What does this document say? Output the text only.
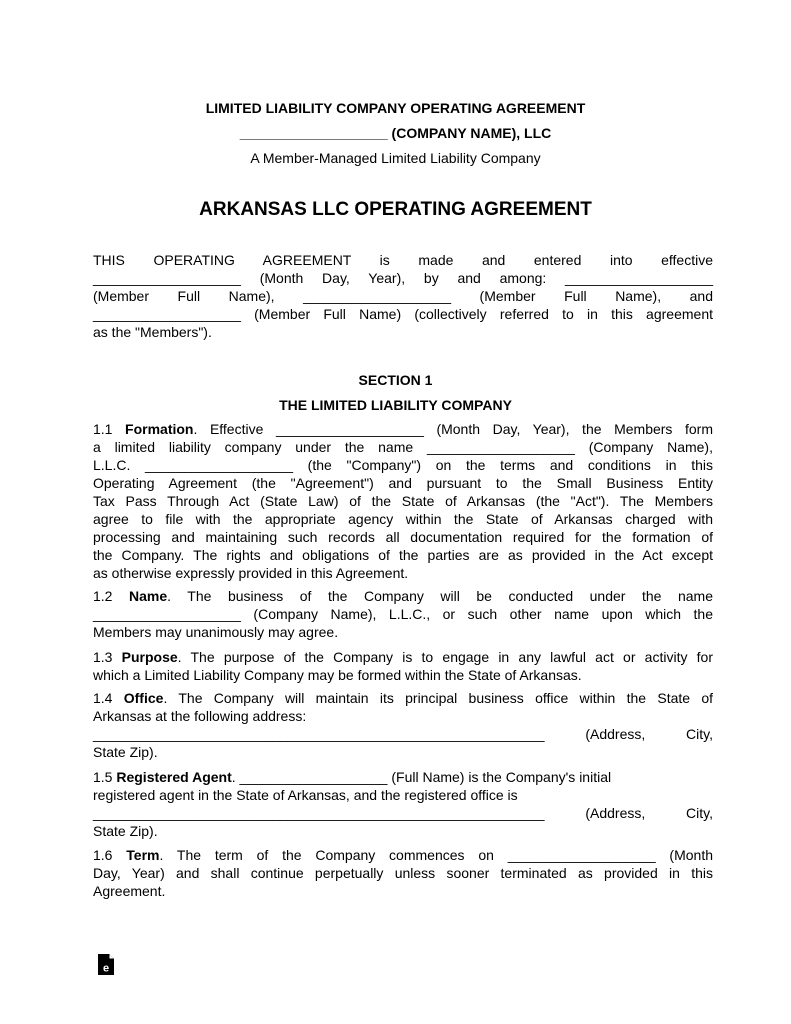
LIMITED LIABILITY COMPANY OPERATING AGREEMENT
___________________ (COMPANY NAME), LLC
A Member-Managed Limited Liability Company
ARKANSAS LLC OPERATING AGREEMENT
THIS OPERATING AGREEMENT is made and entered into effective
___________________ (Month Day, Year), by and among: ___________________
(Member Full Name), ___________________ (Member Full Name), and
___________________ (Member Full Name) (collectively referred to in this agreement
as the "Members").
SECTION 1
THE LIMITED LIABILITY COMPANY
1.1 Formation. Effective ___________________ (Month Day, Year), the Members form
a limited liability company under the name ___________________ (Company Name),
L.L.C. ___________________ (the "Company") on the terms and conditions in this
Operating Agreement (the "Agreement") and pursuant to the Small Business Entity
Tax Pass Through Act (State Law) of the State of Arkansas (the "Act"). The Members
agree to file with the appropriate agency within the State of Arkansas charged with
processing and maintaining such records all documentation required for the formation of
the Company. The rights and obligations of the parties are as provided in the Act except
as otherwise expressly provided in this Agreement.
1.2 Name. The business of the Company will be conducted under the name
___________________ (Company Name), L.L.C., or such other name upon which the
Members may unanimously may agree.
1.3 Purpose. The purpose of the Company is to engage in any lawful act or activity for
which a Limited Liability Company may be formed within the State of Arkansas.
1.4 Office. The Company will maintain its principal business office within the State of
Arkansas at the following address:
__________________________________________________________ (Address, City,
State Zip).
1.5 Registered Agent. ___________________ (Full Name) is the Company's initial
registered agent in the State of Arkansas, and the registered office is
__________________________________________________________ (Address, City,
State Zip).
1.6 Term. The term of the Company commences on ___________________ (Month
Day, Year) and shall continue perpetually unless sooner terminated as provided in this
Agreement.
e
